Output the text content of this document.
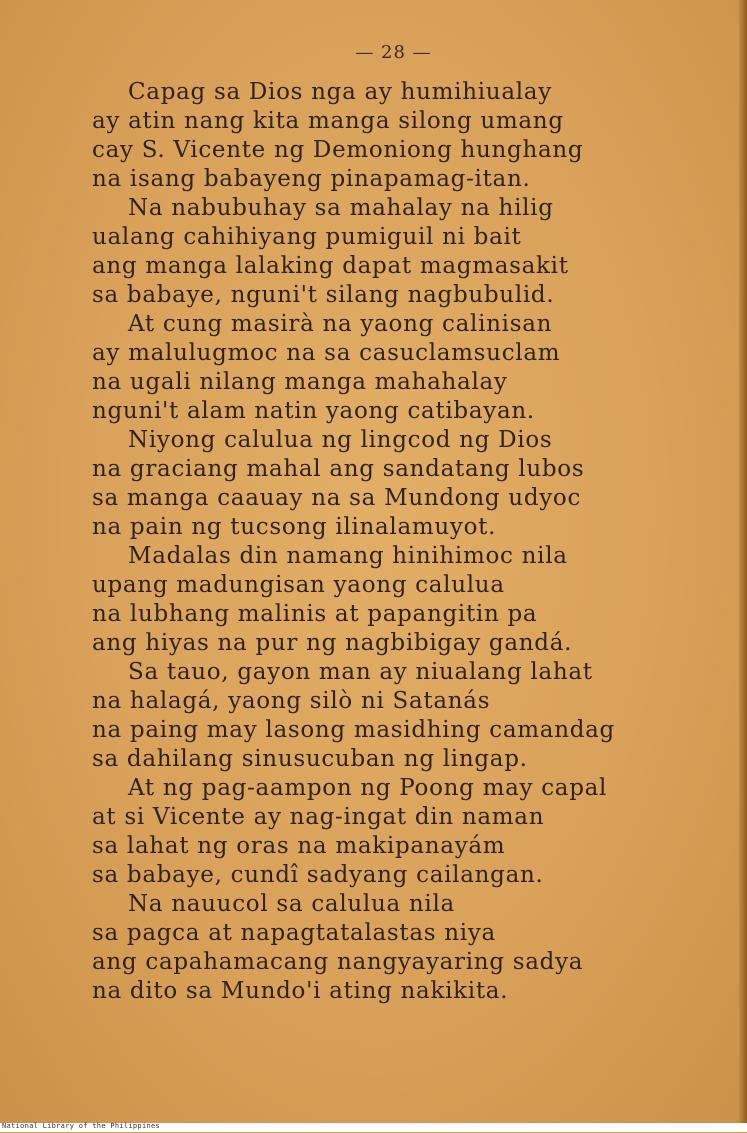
— 28 —
Capag sa Dios nga ay humihiualay
ay atin nang kita manga silong umang
cay S. Vicente ng Demoniong hunghang
na isang babayeng pinapamag-itan.
Na nabubuhay sa mahalay na hilig
ualang cahihiyang pumiguil ni bait
ang manga lalaking dapat magmasakit
sa babaye, nguni't silang nagbubulid.
At cung masirà na yaong calinisan
ay malulugmoc na sa casuclamsuclam
na ugali nilang manga mahahalay
nguni't alam natin yaong catibayan.
Niyong calulua ng lingcod ng Dios
na graciang mahal ang sandatang lubos
sa manga caauay na sa Mundong udyoc
na pain ng tucsong ilinalamuyot.
Madalas din namang hinihimoc nila
upang madungisan yaong calulua
na lubhang malinis at papangitin pa
ang hiyas na pur ng nagbibigay gandá.
Sa tauo, gayon man ay niualang lahat
na halagá, yaong silò ni Satanás
na paing may lasong masidhing camandag
sa dahilang sinusucuban ng lingap.
At ng pag-aampon ng Poong may capal
at si Vicente ay nag-ingat din naman
sa lahat ng oras na makipanayám
sa babaye, cundî sadyang cailangan.
Na nauucol sa calulua nila
sa pagca at napagtatalastas niya
ang capahamacang nangyayaring sadya
na dito sa Mundo'i ating nakikita.
National Library of the Philippines
